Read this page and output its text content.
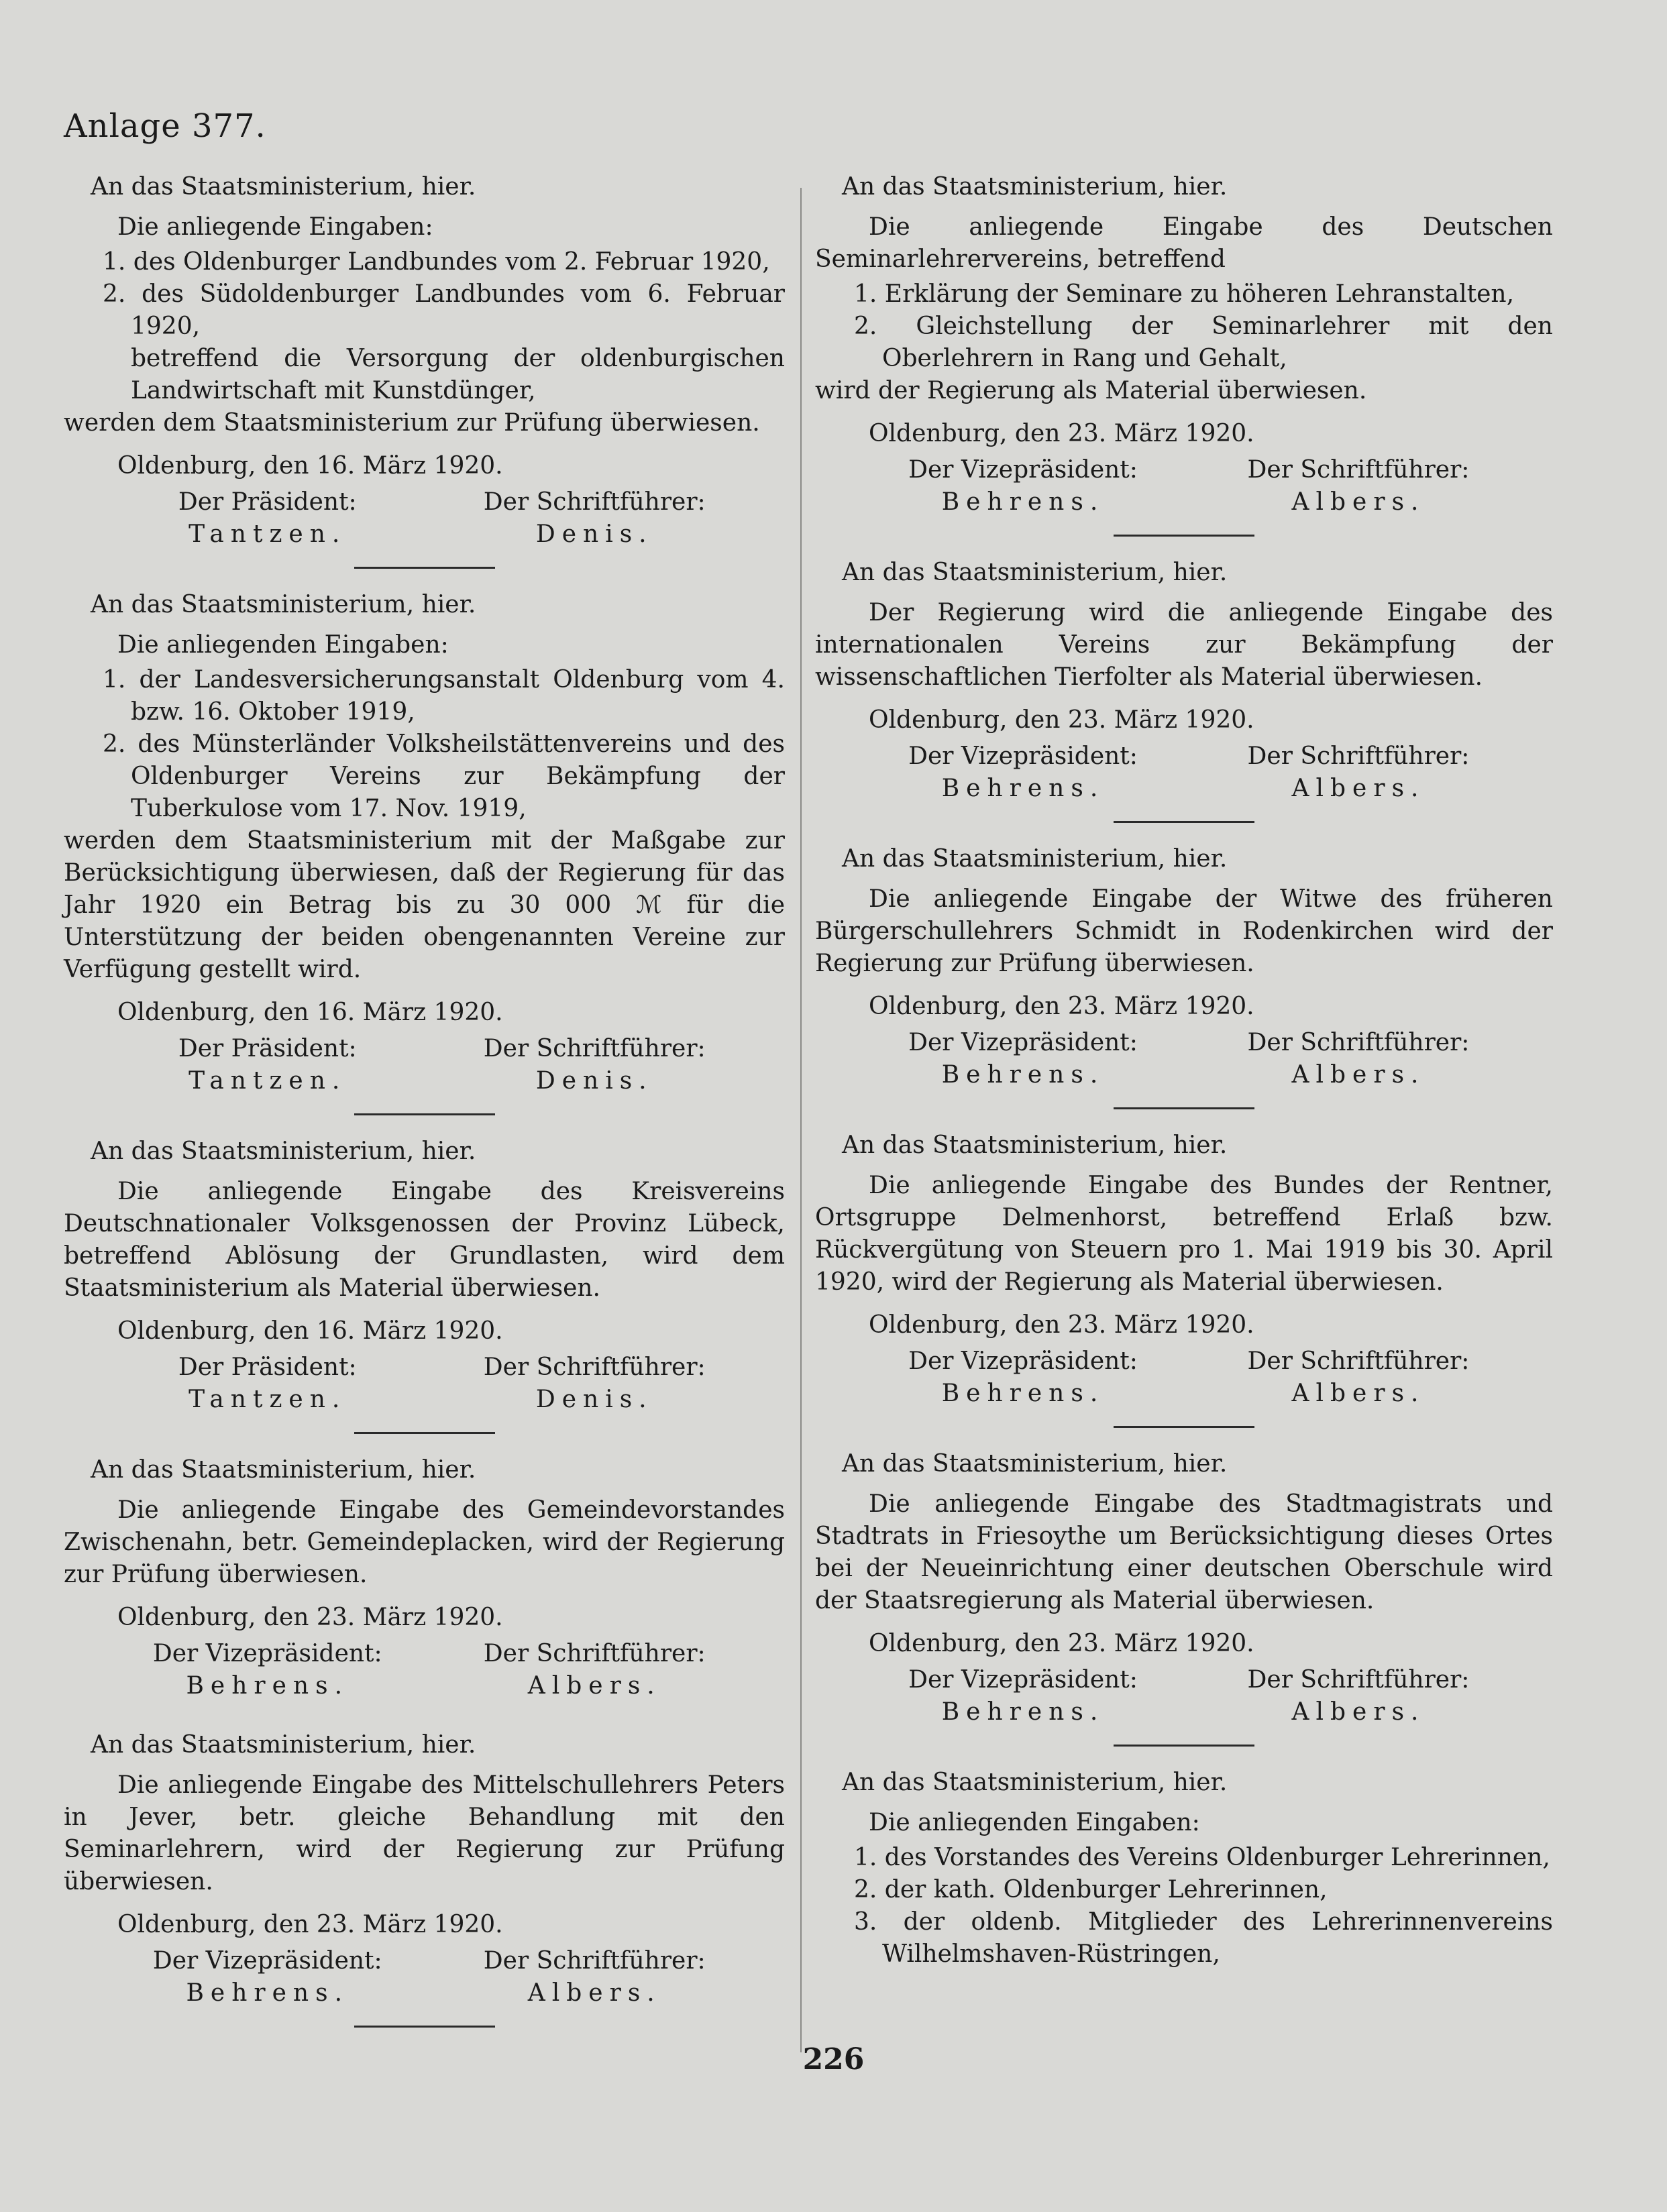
Anlage 377.
An das Staatsministerium, hier.

Die anliegende Eingaben:

1. des Oldenburger Landbundes vom 2. Februar 1920,

2. des Südoldenburger Landbundes vom 6. Februar 1920,

betreffend die Versorgung der oldenburgischen Landwirtschaft mit Kunstdünger,

werden dem Staatsministerium zur Prüfung überwiesen.

Oldenburg, den 16. März 1920.
Der Präsident:
Tantzen.
Der Schriftführer:
Denis.
An das Staatsministerium, hier.

Die anliegenden Eingaben:

1. der Landesversicherungsanstalt Oldenburg vom 4. bzw. 16. Oktober 1919,

2. des Münsterländer Volksheilstättenvereins und des Oldenburger Vereins zur Bekämpfung der Tuberkulose vom 17. Nov. 1919,

werden dem Staatsministerium mit der Maßgabe zur Berücksichtigung überwiesen, daß der Regierung für das Jahr 1920 ein Betrag bis zu 30 000 ℳ für die Unterstützung der beiden obengenannten Vereine zur Verfügung gestellt wird.

Oldenburg, den 16. März 1920.
Der Präsident:
Tantzen.
Der Schriftführer:
Denis.
An das Staatsministerium, hier.

Die anliegende Eingabe des Kreisvereins Deutschnationaler Volksgenossen der Provinz Lübeck, betreffend Ablösung der Grundlasten, wird dem Staatsministerium als Material überwiesen.

Oldenburg, den 16. März 1920.
Der Präsident:
Tantzen.
Der Schriftführer:
Denis.
An das Staatsministerium, hier.

Die anliegende Eingabe des Gemeindevorstandes Zwischenahn, betr. Gemeindeplacken, wird der Regierung zur Prüfung überwiesen.

Oldenburg, den 23. März 1920.
Der Vizepräsident:
Behrens.
Der Schriftführer:
Albers.
An das Staatsministerium, hier.

Die anliegende Eingabe des Mittelschullehrers Peters in Jever, betr. gleiche Behandlung mit den Seminarlehrern, wird der Regierung zur Prüfung überwiesen.

Oldenburg, den 23. März 1920.
Der Vizepräsident:
Behrens.
Der Schriftführer:
Albers.
An das Staatsministerium, hier.

Die anliegende Eingabe des Deutschen Seminarlehrervereins, betreffend

1. Erklärung der Seminare zu höheren Lehranstalten,

2. Gleichstellung der Seminarlehrer mit den Oberlehrern in Rang und Gehalt,

wird der Regierung als Material überwiesen.

Oldenburg, den 23. März 1920.
Der Vizepräsident:
Behrens.
Der Schriftführer:
Albers.
An das Staatsministerium, hier.

Der Regierung wird die anliegende Eingabe des internationalen Vereins zur Bekämpfung der wissenschaftlichen Tierfolter als Material überwiesen.

Oldenburg, den 23. März 1920.
Der Vizepräsident:
Behrens.
Der Schriftführer:
Albers.
An das Staatsministerium, hier.

Die anliegende Eingabe der Witwe des früheren Bürgerschullehrers Schmidt in Rodenkirchen wird der Regierung zur Prüfung überwiesen.

Oldenburg, den 23. März 1920.
Der Vizepräsident:
Behrens.
Der Schriftführer:
Albers.
An das Staatsministerium, hier.

Die anliegende Eingabe des Bundes der Rentner, Ortsgruppe Delmenhorst, betreffend Erlaß bzw. Rückvergütung von Steuern pro 1. Mai 1919 bis 30. April 1920, wird der Regierung als Material überwiesen.

Oldenburg, den 23. März 1920.
Der Vizepräsident:
Behrens.
Der Schriftführer:
Albers.
An das Staatsministerium, hier.

Die anliegende Eingabe des Stadtmagistrats und Stadtrats in Friesoythe um Berücksichtigung dieses Ortes bei der Neueinrichtung einer deutschen Oberschule wird der Staatsregierung als Material überwiesen.

Oldenburg, den 23. März 1920.
Der Vizepräsident:
Behrens.
Der Schriftführer:
Albers.
An das Staatsministerium, hier.

Die anliegenden Eingaben:

1. des Vorstandes des Vereins Oldenburger Lehrerinnen,

2. der kath. Oldenburger Lehrerinnen,

3. der oldenb. Mitglieder des Lehrerinnenvereins Wilhelmshaven-Rüstringen,

226
